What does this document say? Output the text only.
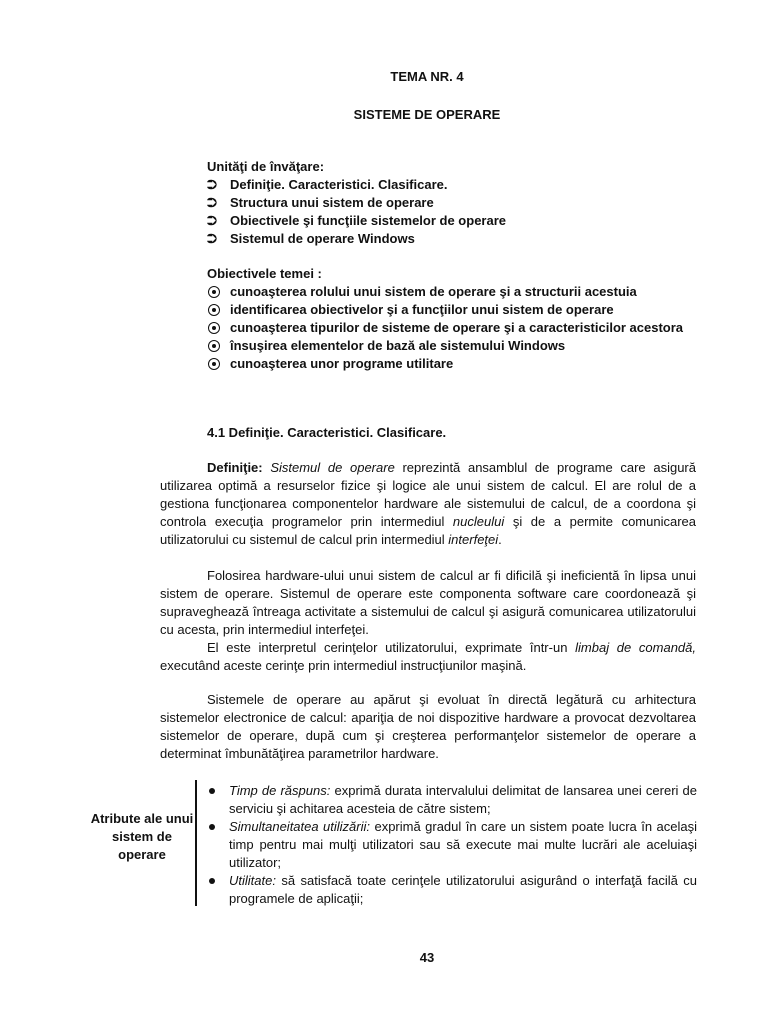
TEMA NR. 4
SISTEME DE OPERARE
Unităţi de învăţare:
⮊	Definiţie. Caracteristici. Clasificare.
⮊	Structura unui sistem de operare
⮊	Obiectivele şi funcţiile sistemelor de operare
⮊	Sistemul de operare Windows
Obiectivele temei :
cunoaşterea rolului unui sistem de operare şi a structurii acestuia
identificarea obiectivelor şi a funcţiilor unui sistem de operare
cunoaşterea tipurilor de sisteme de operare şi a caracteristicilor acestora
însuşirea elementelor de bază ale sistemului Windows
cunoaşterea unor programe utilitare
4.1 Definiţie. Caracteristici. Clasificare.
Definiţie: Sistemul de operare reprezintă ansamblul de programe care asigură utilizarea optimă a resurselor fizice şi logice ale unui sistem de calcul. El are rolul de a gestiona funcţionarea componentelor hardware ale sistemului de calcul, de a coordona şi controla execuţia programelor prin intermediul nucleului şi de a permite comunicarea utilizatorului cu sistemul de calcul prin intermediul interfeţei.
Folosirea hardware-ului unui sistem de calcul ar fi dificilă şi ineficientă în lipsa unui sistem de operare. Sistemul de operare este componenta software care coordonează şi supraveghează întreaga activitate a sistemului de calcul şi asigură comunicarea utilizatorului cu acesta, prin intermediul interfeţei.
El este interpretul cerinţelor utilizatorului, exprimate într-un limbaj de comandă, executând aceste cerinţe prin intermediul instrucţiunilor maşină.
Sistemele de operare au apărut şi evoluat în directă legătură cu arhitectura sistemelor electronice de calcul: apariţia de noi dispozitive hardware a provocat dezvoltarea sistemelor de operare, după cum şi creşterea performanţelor sistemelor de operare a determinat îmbunătăţirea parametrilor hardware.
Atribute ale unui sistem de operare
Timp de răspuns: exprimă durata intervalului delimitat de lansarea unei cereri de serviciu şi achitarea acesteia de către sistem;
Simultaneitatea utilizării: exprimă gradul în care un sistem poate lucra în acelaşi timp pentru mai mulţi utilizatori sau să execute mai multe lucrări ale aceluiaşi utilizator;
Utilitate: să satisfacă toate cerinţele utilizatorului asigurând o interfaţă facilă cu programele de aplicaţii;
43
